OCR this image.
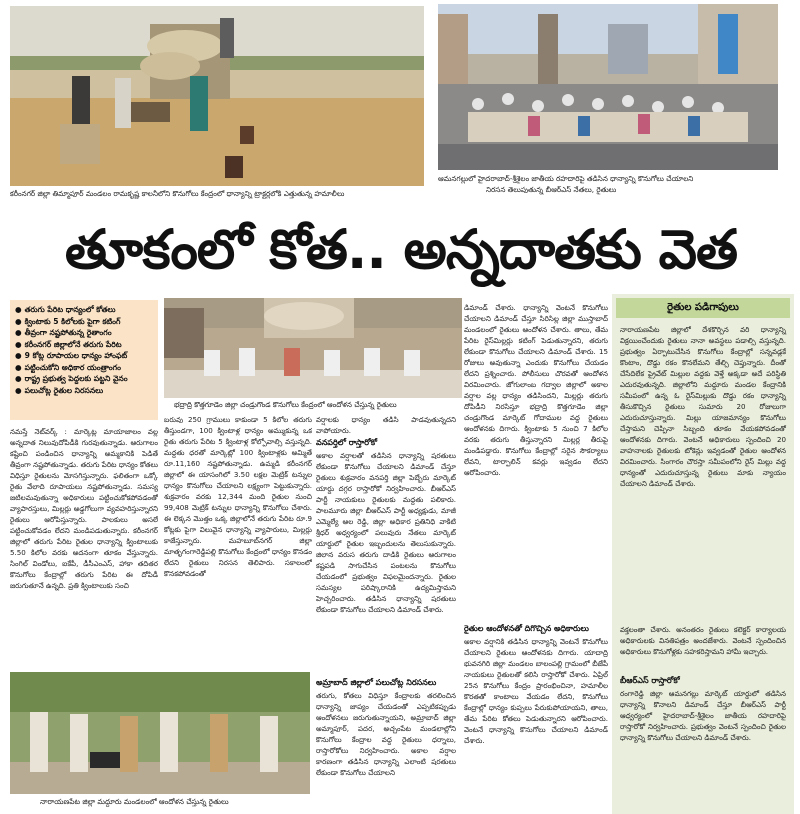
కరీంనగర్ జిల్లా తిమ్మాపూర్ మండలం రామకృష్ణ కాలనీలోని కొనుగోలు కేంద్రంలో ధాన్యాన్ని ట్రాక్టర్లలోకి ఎత్తుతున్న హమాలీలు
ఆమనగల్లులో హైదరాబాద్‌-శ్రీశైలం జాతీయ రహదారిపై తడిసిన ధాన్యాన్ని కొనుగోలు చేయాలని
నిరసన తెలుపుతున్న బీఆర్‌ఎస్‌ నేతలు, రైతులు
తూకంలో కోత.. అన్నదాతకు వెత
● తరుగు పేరిట ధాన్యంలో కోతలు
● క్వింటాకు 5 కిలోలకు పైగా కటింగ్‌
● తీవ్రంగా నష్టపోతున్న రైతాంగం
● కరీంనగర్‌ జిల్లాలోనే తరుగు పేరిట
● 9 కోట్ల రూపాయల ధాన్యం హాంఫట్‌
● పట్టించుకోని అధికార యంత్రాంగం
● రాష్ట్ర ప్రభుత్వ పెద్దలకు పట్టని వైనం
● పలుచోట్ల రైతుల నిరసనలు
భద్రాద్రి కొత్తగూడెం జిల్లా చండ్రుగొండ కొనుగోలు కేంద్రంలో ఆందోళన చేస్తున్న రైతులు

నమస్తే నెట్‌వర్క్‌ : మార్కెట్ల మాయాజాలం వల్ల అన్నదాత నిలువుదోపిడీకి గురవుతున్నాడు. ఆరుగాలం కష్టించి పండించిన ధాన్యాన్ని అమ్మకానికి పెడితే తీవ్రంగా నష్టపోతున్నాడు. తరుగు పేరిట ధాన్యం కోతలు విధిస్తూ రైతులను మోసగిస్తున్నారు. ఫలితంగా ఒక్కో రైతు వేలాది రూపాయలు నష్టపోతున్నాడు. సమస్య జటిలమవుతున్నా అధికారులు పట్టించుకోకపోవడంతో వ్యాపారస్తులు, మిల్లర్లు అడ్డగోలుగా వ్యవహరిస్తున్నారని రైతులు ఆరోపిస్తున్నారు. పాలకులు అసలే పట్టించుకోవడం లేదని మండిపడుతున్నారు. కరీంనగర్‌ జిల్లాలో తరుగు పేరిట రైతుల ధాన్యాన్ని క్వింటాలుకు 5.50 కిలోల వరకు అదనంగా తూకం వేస్తున్నారు. సింగిల్‌ విండోలు, ఐకేపీ, డీసీఎంఎస్‌, హాకా తదితర కొనుగోలు కేంద్రాల్లో తరుగు పేరిట ఈ దోపిడీ జరుగుతూనే ఉన్నది. ప్రతి క్వింటాలుకు సంచి

బరువు 250 గ్రాములు కాకుండా 5 కిలోల తరుగు తీస్తుండగా, 100 క్వింటాళ్ల ధాన్యం అమ్ముకున్న ఒక రైతు తరుగు పేరిట 5 క్వింటాళ్ల కోల్పోవాల్సి వస్తున్నది. మద్దతు ధరతో మార్కెట్లో 100 క్వింటాళ్లకు అమ్మితే రూ.11,160 నష్టపోతున్నాడు. ఉమ్మడి కరీంనగర్‌ జిల్లాలో ఈ యాసంగిలో 3.50 లక్షల మెట్రిక్‌ టన్నుల ధాన్యం కొనుగోలు చేయాలని లక్ష్యంగా పెట్టుకున్నారు. శుక్రవారం వరకు 12,344 మంది రైతుల నుంచి 99,408 మెట్రిక్‌ టన్నుల ధాన్యాన్ని కొనుగోలు చేశారు. ఈ లెక్కన మొత్తం ఒక్క జిల్లాలోనే తరుగు పేరిట రూ.9 కోట్లకు పైగా విలువైన ధాన్యాన్ని వ్యాపారులు, మిల్లర్లు కాజేస్తున్నారు. మహబూబ్‌నగర్‌ జిల్లా మాతృగంగారెడ్డిపల్లి కొనుగోలు కేంద్రంలో ధాన్యం కొనడం లేదని రైతులు నిరసన తెలిపారు. సకాలంలో కొనకపోవడంతో

నారాయణపేట జిల్లా మద్దూరు మండలంలో ఆందోళన చేస్తున్న రైతులు

వర్షాలకు ధాన్యం తడిసి పాడవుతున్నదని వాపోయారు.

వనపర్తిలో రాస్తారోకో

అకాల వర్షాలతో తడిసిన ధాన్యాన్ని షరతులు లేకుండా కొనుగోలు చేయాలని డిమాండ్‌ చేస్తూ రైతులు శుక్రవారం వనపర్తి జిల్లా పెబ్బేరు మార్కెట్‌ యార్డు దగ్గర రాస్తారోకో నిర్వహించారు. బీఆర్‌ఎస్‌ పార్టీ నాయకులు రైతులకు మద్దతు పలికారు. పాలమూరు జిల్లా బీఆర్‌ఎస్‌ పార్టీ అధ్యక్షుడు, మాజీ ఎమ్మెల్యే ఆల రెడ్డి, జిల్లా అధికార ప్రతినిధి వాకిటి శ్రీధర్‌ అధ్వర్యంలో పలువురు నేతలు మార్కెట్‌ యార్డులో రైతుల ఇబ్బందులను తెలుసుకున్నారు. జిలాన వరుస తరుగు దాడికి రైతులు ఆరుగాలం కష్టపడి సాగుచేసిన పంటలను కొనుగోలు చేయడంలో ప్రభుత్వం విఫలమైందన్నారు. రైతుల సమస్యల పరిష్కారానికి ఉద్యమిస్తామని హెచ్చరించారు. తడిసిన ధాన్యాన్ని షరతులు లేకుండా కొనుగోలు చేయాలని డిమాండ్‌ చేశారు.

అమ్రాబాద్ జిల్లాలో పలుచోట్ల నిరసనలు

తరుగు, కోతలు విధిస్తూ కేంద్రాలకు తరలించిన ధాన్యాన్ని జాప్యం చేయడంతో ఎప్పటికప్పుడు ఆందోళనలు జరుగుతున్నాయని, అమ్రాబాద్‌ జిల్లా అమ్మాపూర్‌, పదర, అచ్చంపేట మండలాల్లోని కొనుగోలు కేంద్రాల వద్ద రైతులు ధర్నాలు, రాస్తారోకోలు నిర్వహించారు. అకాల వర్షాల కారణంగా తడిసిన ధాన్యాన్ని ఎలాంటి షరతులు లేకుండా కొనుగోలు చేయాలని

డిమాండ్‌ చేశారు. ధాన్యాన్ని వెంటనే కొనుగోలు చేయాలని డిమాండ్‌ చేస్తూ సిరిసిల్ల జిల్లా ముస్తాబాద్‌ మండలంలో రైతులు ఆందోళన చేశారు. తాలు, తేమ పేరిట రైస్‌మిల్లర్లు కటింగ్‌ పెడుతున్నారని, తరుగు లేకుండా కొనుగోలు చేయాలని డిమాండ్‌ చేశారు. 15 రోజులు అవుతున్నా ఎందుకు కొనుగోలు చేయడం లేదని ప్రశ్నించారు. పోలీసులు చొరవతో ఆందోళన విరమించారు. జోగులాంబ గద్వాల జిల్లాలో అకాల వర్షాల వల్ల ధాన్యం తడిసిందని, మిల్లర్లు తరుగు దోపిడీని నిరసిస్తూ భద్రాద్రి కొత్తగూడెం జిల్లా చండ్రుగొండ మార్కెట్‌ గోదాముల వద్ద రైతులు ఆందోళనకు దిగారు. క్వింటాకు 5 నుంచి 7 కిలోల వరకు తరుగు తీస్తున్నారని మిల్లర్ల తీరుపై మండిపడ్డారు. కొనుగోలు కేంద్రాల్లో సరైన సౌకర్యాలు లేవని, టార్పాలిన్‌ కవర్లు ఇవ్వడం లేదని ఆరోపించారు.

రైతుల ఆందోళనతో దిగొచ్చిన అధికారులు

అకాల వర్షానికి తడిసిన ధాన్యాన్ని వెంటనే కొనుగోలు చేయాలని రైతులు ఆందోళనకు దిగారు. యాదాద్రి భువనగిరి జిల్లా మండలం బాలంపల్లి గ్రామంలో బీజేపీ నాయకులు రైతులతో కలిసి రాస్తారోకో చేశారు. ఏప్రిల్‌ 25న కొనుగోలు కేంద్రం ప్రారంభించినా, హమాలీల కొరతతో కాంటాలు వేయడం లేదని, కొనుగోలు కేంద్రాల్లో ధాన్యం కుప్పలు పేరుకుపోయాయని, తాలు, తేమ పేరిట కోతలు పెడుతున్నారని ఆరోపించారు. వెంటనే ధాన్యాన్ని కొనుగోలు చేయాలని డిమాండ్‌ చేశారు.

రైతుల పడిగాపులు

నారాయణపేట జిల్లాలో దేశకొర్చిన వరి ధాన్యాన్ని విక్రయించేందుకు రైతులు నానా అవస్థలు పడాల్సి వస్తున్నది. ప్రభుత్వం ఏర్పాటుచేసిన కొనుగోలు కేంద్రాల్లో సన్నవడ్లకే కొంటాం, దొడ్డు రకం కొనలేమని తేల్చి చెప్తున్నారు. దీంతో చేసేదిలేక ప్రైవేట్‌ మిల్లుల వద్దకు వెళ్తే అక్కడా అదే పరిస్థితి ఎదురవుతున్నది. జిల్లాలోని మద్దూరు మండల కేంద్రానికి సమీపంలో ఉన్న ఓ రైస్‌మిల్లుకు దొడ్డు రకం ధాన్యాన్ని తీసుకొచ్చిన రైతులు సుమారు 20 రోజులుగా ఎదురుచూస్తున్నారు. మిల్లు యాజమాన్యం కొనుగోలు చేస్తామని చెప్పినా సిబ్బంది తూకం వేయకపోవడంతో ఆందోళనకు దిగారు. వెంటనే అధికారులు స్పందించి 20 వాహనాలకు రైతులకు టోకెన్లు ఇవ్వడంతో రైతుల ఆందోళన విరమించారు. సింగారం చౌరస్తా సమీపంలోని రైస్‌ మిల్లు వద్ద ధాన్యంతో ఎదురుచూస్తున్న రైతులు మాకు న్యాయం చేయాలని డిమాండ్‌ చేశారు.

వక్తలంతా చేశారు. అనంతరం రైతులు కలెక్టర్‌ కార్యాలయ అధికారులకు వినతిపత్రం అందజేశారు. వెంటనే స్పందించిన అధికారులు కొనుగోళ్లకు సహకరిస్తామని హామీ ఇచ్చారు.

బీఆర్‌ఎస్‌ రాస్తారోకో

రంగారెడ్డి జిల్లా ఆమనగల్లు మార్కెట్‌ యార్డులో తడిసిన ధాన్యాన్ని కొనాలని డిమాండ్‌ చేస్తూ బీఆర్‌ఎస్‌ పార్టీ ఆధ్వర్యంలో హైదరాబాద్‌-శ్రీశైలం జాతీయ రహదారిపై రాస్తారోకో నిర్వహించారు. ప్రభుత్వం వెంటనే స్పందించి రైతుల ధాన్యాన్ని కొనుగోలు చేయాలని డిమాండ్‌ చేశారు.
